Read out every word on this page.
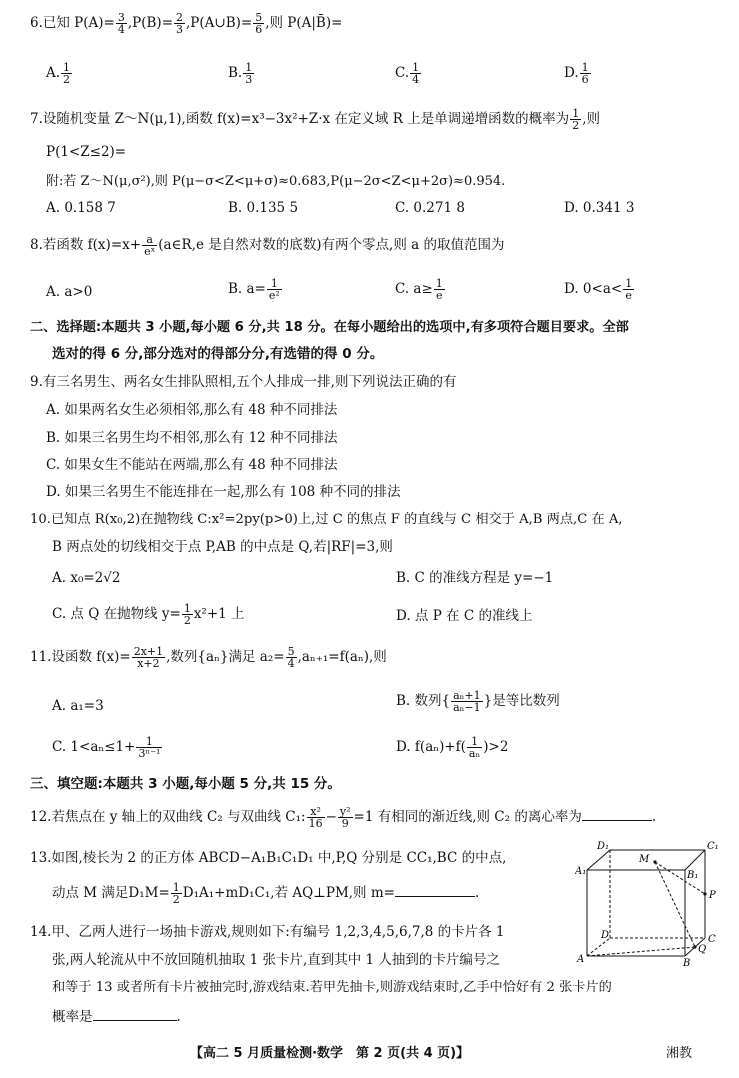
6.已知 $P(A)= \frac{3}{4} ,P(B)= \frac{2}{3}$ ,P(A∪B)= $\frac{5}{6}$ ,则 P(A|B̄)=
A. $\frac{1}{2}$	B. $\frac{1}{3}$	C. $\frac{1}{4}$	D. $\frac{1}{6}$
7.设随机变量 Z～N(μ,1),函数 f(x)=x³−3x²+Z·x 在定义域 R 上是单调递增函数的概率为 $\frac{1}{2}$ ,则
P(1<Z≤2)=
附:若 Z～N(μ,σ²),则 P(μ−σ<Z<μ+σ)≈0.683,P(μ−2σ<Z<μ+2σ)≈0.954.
A. 0.158 7	B. 0.135 5	C. 0.271 8	D. 0.341 3
8.若函数 $f(x)=x+ \frac{a}{\text{eˣ}}$ (a∈R,e 是自然对数的底数)有两个零点,则 a 的取值范围为
A. a>0	B. $a= \frac{1}{\text{e²}}$	C. $a\ge \frac{1}{e}$	D. $0<a< \frac{1}{e}$
二、选择题:本题共 3 小题,每小题 6 分,共 18 分。在每小题给出的选项中,有多项符合题目要求。全部
选对的得 6 分,部分选对的得部分分,有选错的得 0 分。
9.有三名男生、两名女生排队照相,五个人排成一排,则下列说法正确的有
A. 如果两名女生必须相邻,那么有 48 种不同排法
B. 如果三名男生均不相邻,那么有 12 种不同排法
C. 如果女生不能站在两端,那么有 48 种不同排法
D. 如果三名男生不能连排在一起,那么有 108 种不同的排法
10.已知点 R(x₀,2)在抛物线 C:x²=2py(p>0)上,过 C 的焦点 F 的直线与 C 相交于 A,B 两点,C 在 A,
B 两点处的切线相交于点 P,AB 的中点是 Q,若|RF|=3,则
A. x₀=2√2	B. C 的准线方程是 y=−1
C. 点 Q 在抛物线 $y= \frac{1}{2} x^2+1$ 上	D. 点 P 在 C 的准线上
11.设函数 $f(x)= \frac{2x+1}{x+2}$ ,数列{aₙ}满足 $a_2= \frac{5}{4} ,a_{n+1}=f(a_n)$,则
A. a₁=3	B. 数列{ $\frac{\text{aₙ+1}}{\text{aₙ−1}}$ }是等比数列
C. $1<a_n\le 1+ \frac{1}{\text{3ⁿ⁻¹}}$	D. $f(a_n)+f( \frac{1}{\text{aₙ}} )>2$
三、填空题:本题共 3 小题,每小题 5 分,共 15 分。
12.若焦点在 y 轴上的双曲线 C₂ 与双曲线 C₁: $\frac{\text{x²}}{16} - \frac{\text{y²}}{9} =1$ 有相同的渐近线,则 C₂ 的离心率为	.
13.如图,棱长为 2 的正方体 ABCD−A₁B₁C₁D₁ 中,P,Q 分别是 CC₁,BC 的中点,
动点 M 满足$D_1M= \frac{1}{2} D_1A_1+mD_1C_1$,若 AQ⊥PM,则 m=	.
14.甲、乙两人进行一场抽卡游戏,规则如下:有编号 1,2,3,4,5,6,7,8 的卡片各 1
张,两人轮流从中不放回随机抽取 1 张卡片,直到其中 1 人抽到的卡片编号之
和等于 13 或者所有卡片被抽完时,游戏结束.若甲先抽卡,则游戏结束时,乙手中恰好有 2 张卡片的
概率是	.
D₁	C₁
A₁	B₁
M
P
D	C
A	B
Q
【高二 5 月质量检测·数学　第 2 页(共 4 页)】	湘教
